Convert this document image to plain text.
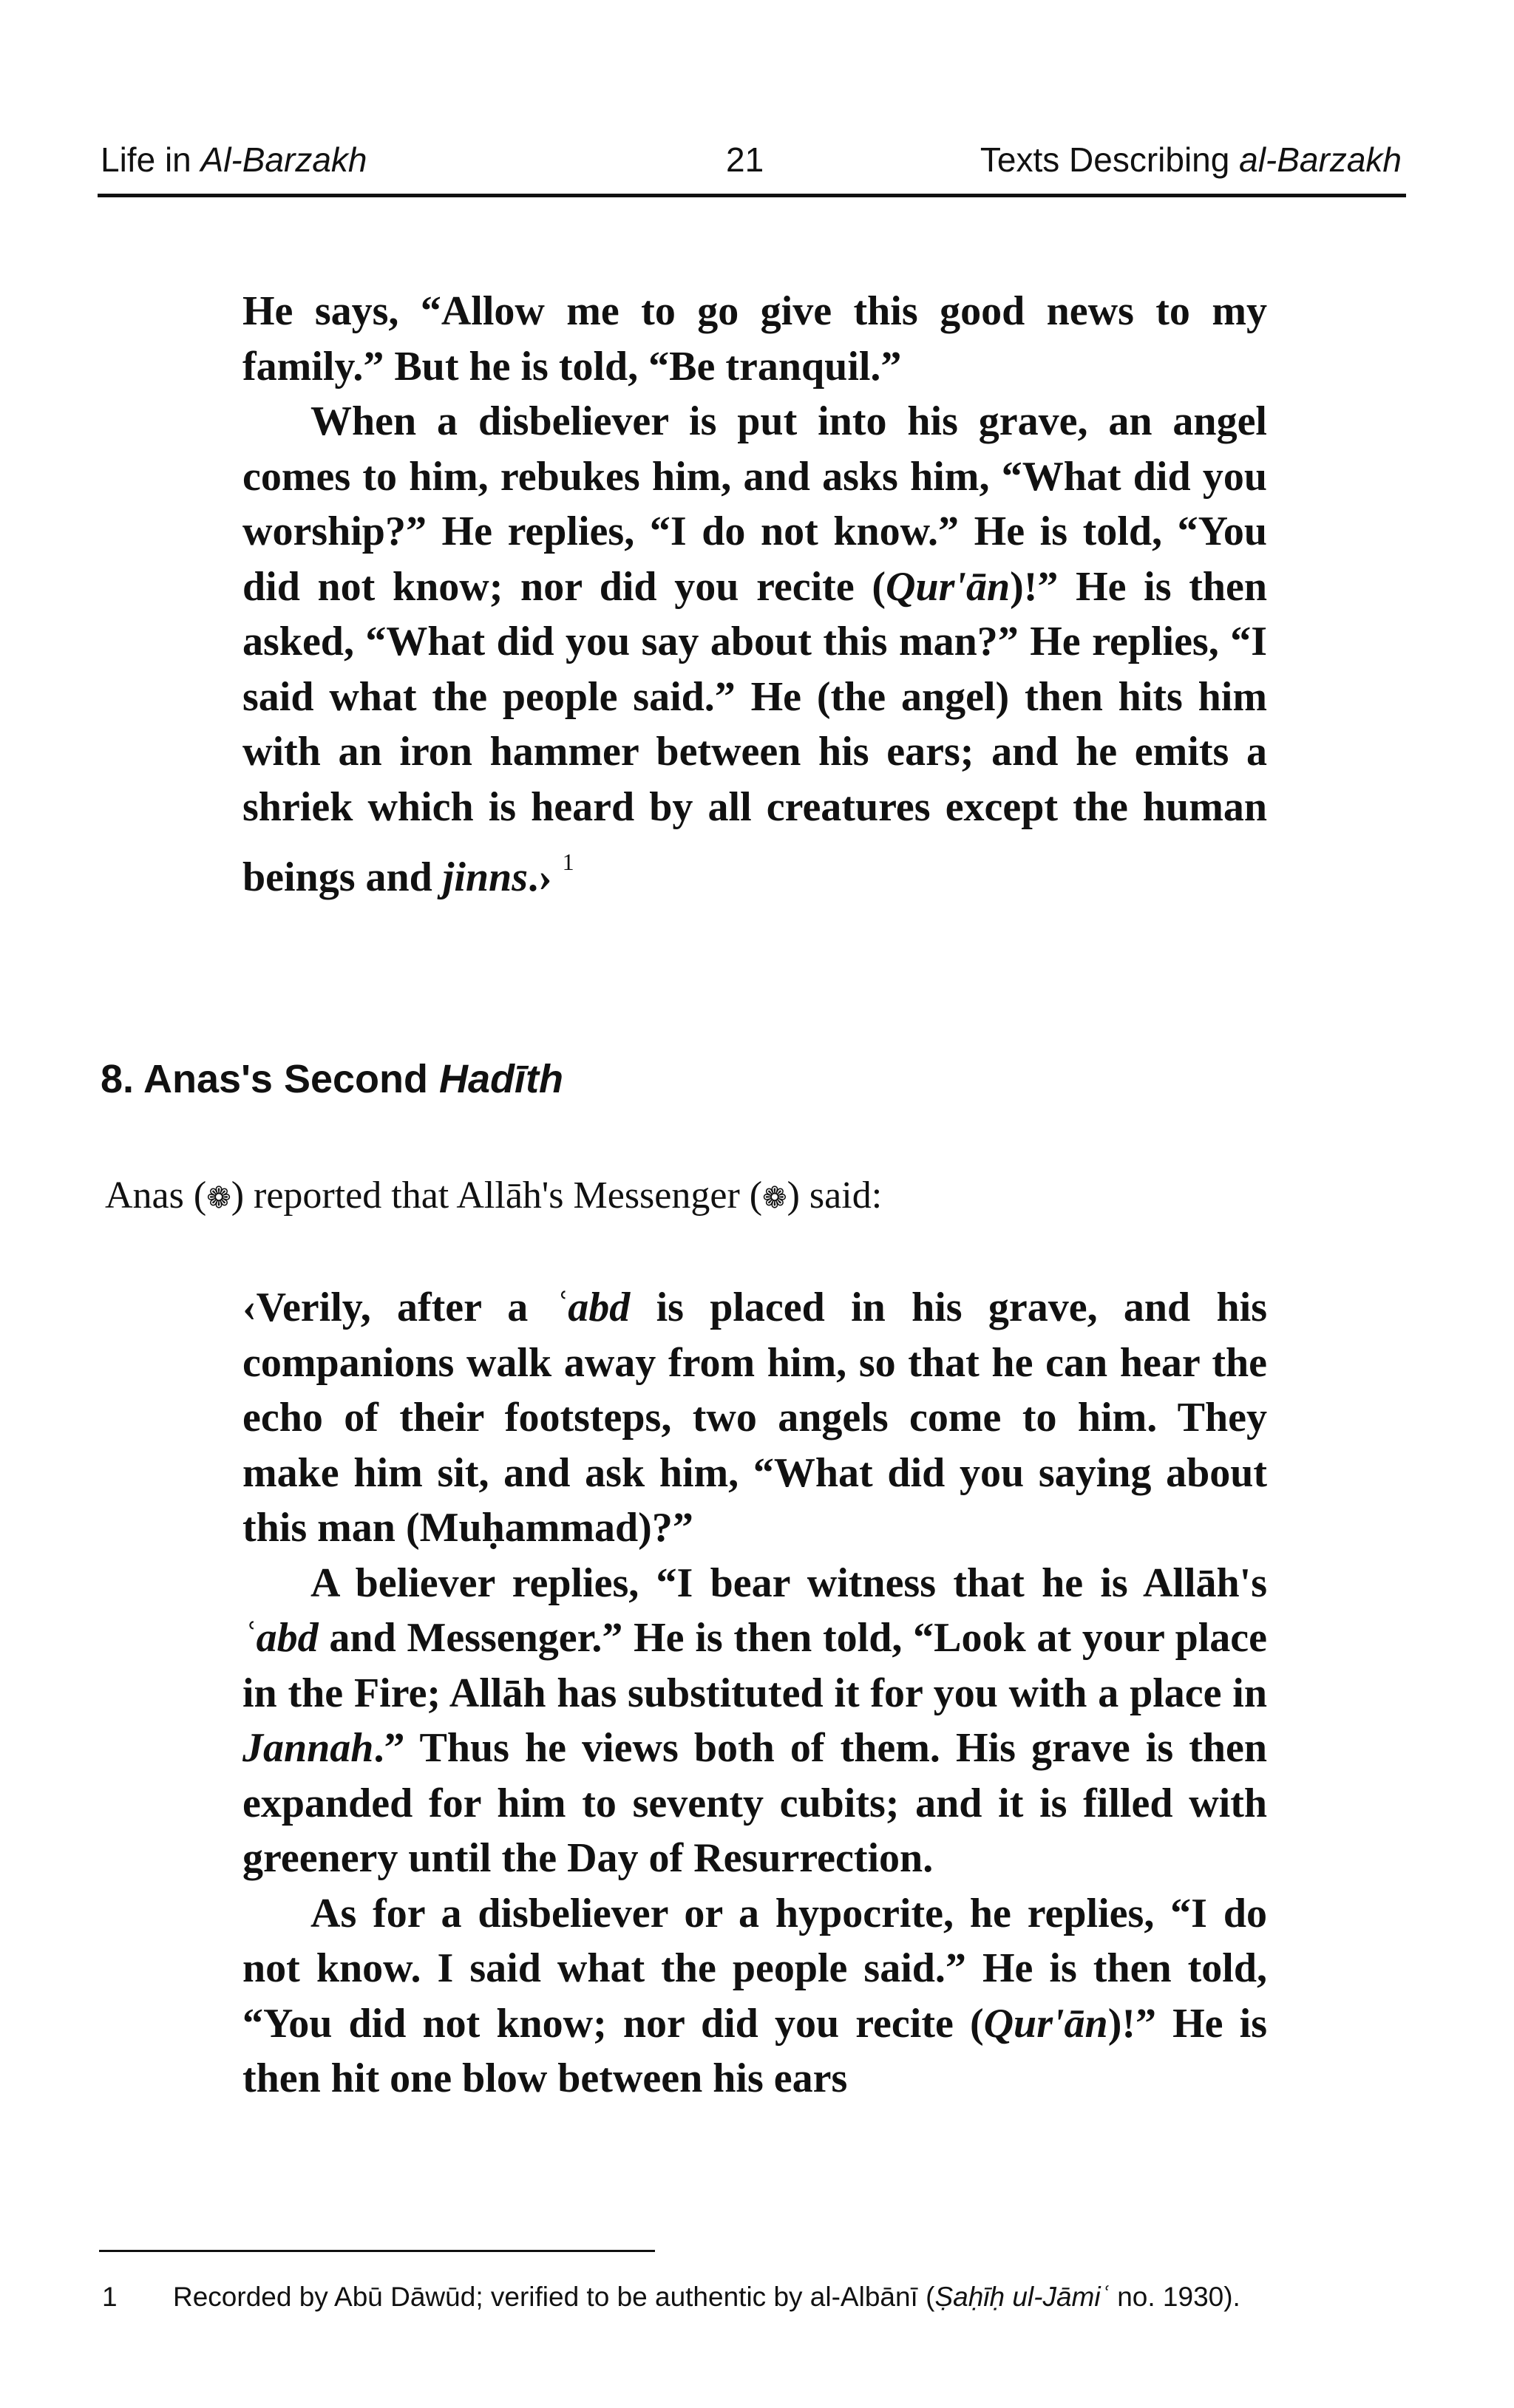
Life in Al-Barzakh	21	Texts Describing al-Barzakh

He says, “Allow me to go give this good news to my family.” But he is told, “Be tranquil.”

When a disbeliever is put into his grave, an angel comes to him, rebukes him, and asks him, “What did you worship?” He replies, “I do not know.” He is told, “You did not know; nor did you recite (Qur'ān)!” He is then asked, “What did you say about this man?” He replies, “I said what the people said.” He (the angel) then hits him with an iron hammer between his ears; and he emits a shriek which is heard by all creatures except the human beings and jinns.› $^1$

8. Anas's Second Hadīth
Anas (❁) reported that Allāh's Messenger (❁) said:

‹Verily, after a ʿabd is placed in his grave, and his companions walk away from him, so that he can hear the echo of their footsteps, two angels come to him. They make him sit, and ask him, “What did you saying about this man (Muḥammad)?”

A believer replies, “I bear witness that he is Allāh's ʿabd and Messenger.” He is then told, “Look at your place in the Fire; Allāh has substituted it for you with a place in Jannah.” Thus he views both of them. His grave is then expanded for him to seventy cubits; and it is filled with greenery until the Day of Resurrection.

As for a disbeliever or a hypocrite, he replies, “I do not know. I said what the people said.” He is then told, “You did not know; nor did you recite (Qur'ān)!” He is then hit one blow between his ears

1 Recorded by Abū Dāwūd; verified to be authentic by al-Albānī (Ṣaḥīḥ ul-Jāmiʿ no. 1930).
